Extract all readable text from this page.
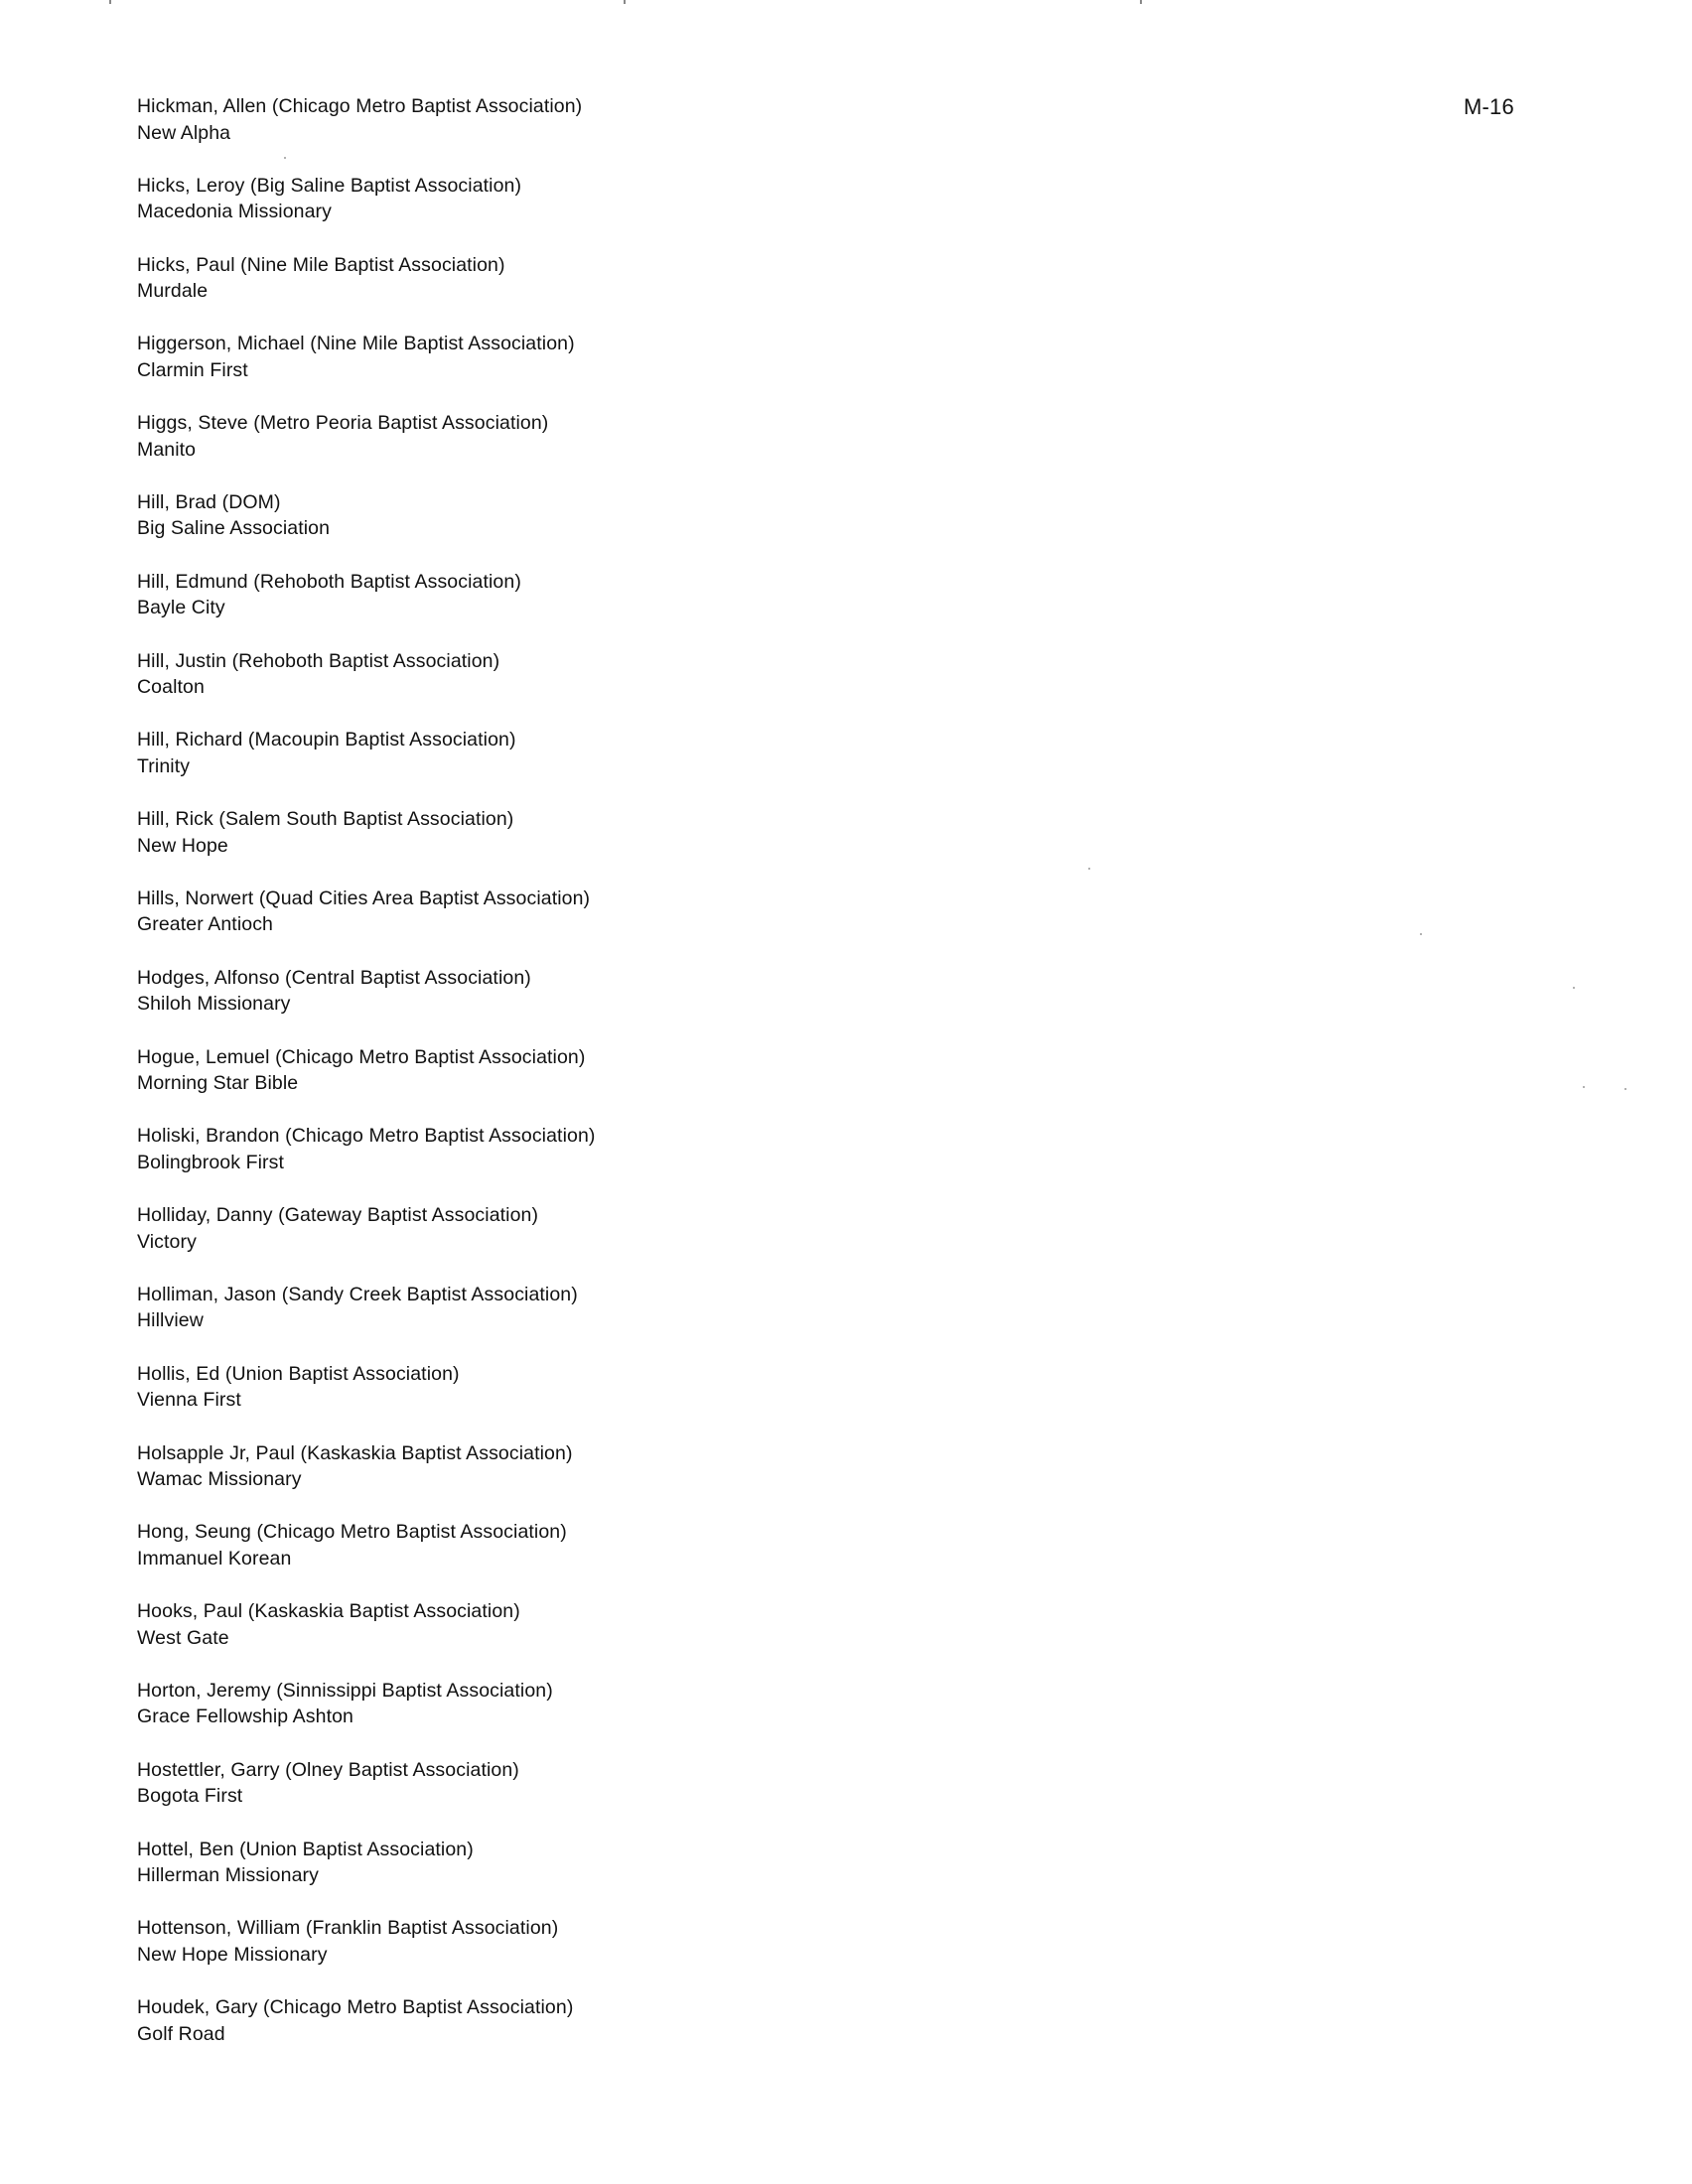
M-16
Hickman, Allen (Chicago Metro Baptist Association)
New Alpha
Hicks, Leroy (Big Saline Baptist Association)
Macedonia Missionary
Hicks, Paul (Nine Mile Baptist Association)
Murdale
Higgerson, Michael (Nine Mile Baptist Association)
Clarmin First
Higgs, Steve (Metro Peoria Baptist Association)
Manito
Hill, Brad (DOM)
Big Saline Association
Hill, Edmund (Rehoboth Baptist Association)
Bayle City
Hill, Justin (Rehoboth Baptist Association)
Coalton
Hill, Richard (Macoupin Baptist Association)
Trinity
Hill, Rick (Salem South Baptist Association)
New Hope
Hills, Norwert (Quad Cities Area Baptist Association)
Greater Antioch
Hodges, Alfonso (Central Baptist Association)
Shiloh Missionary
Hogue, Lemuel (Chicago Metro Baptist Association)
Morning Star Bible
Holiski, Brandon (Chicago Metro Baptist Association)
Bolingbrook First
Holliday, Danny (Gateway Baptist Association)
Victory
Holliman, Jason (Sandy Creek Baptist Association)
Hillview
Hollis, Ed (Union Baptist Association)
Vienna First
Holsapple Jr, Paul (Kaskaskia Baptist Association)
Wamac Missionary
Hong, Seung (Chicago Metro Baptist Association)
Immanuel Korean
Hooks, Paul (Kaskaskia Baptist Association)
West Gate
Horton, Jeremy (Sinnissippi Baptist Association)
Grace Fellowship Ashton
Hostettler, Garry (Olney Baptist Association)
Bogota First
Hottel, Ben (Union Baptist Association)
Hillerman Missionary
Hottenson, William (Franklin Baptist Association)
New Hope Missionary
Houdek, Gary (Chicago Metro Baptist Association)
Golf Road
